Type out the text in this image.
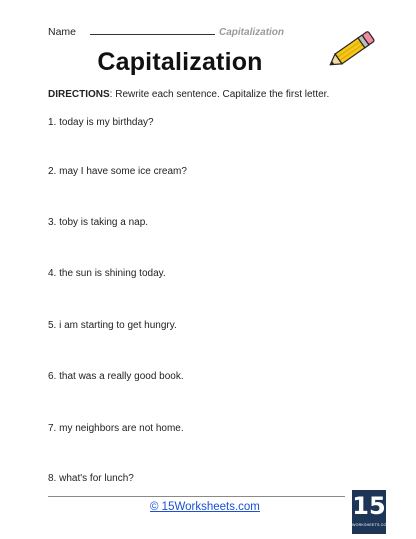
Name	Capitalization
Capitalization
DIRECTIONS: Rewrite each sentence. Capitalize the first letter.
1. today is my birthday?
2. may I have some ice cream?
3. toby is taking a nap.
4. the sun is shining today.
5. i am starting to get hungry.
6. that was a really good book.
7. my neighbors are not home.
8. what's for lunch?
© 15Worksheets.com	15
WORKSHEETS.COM
